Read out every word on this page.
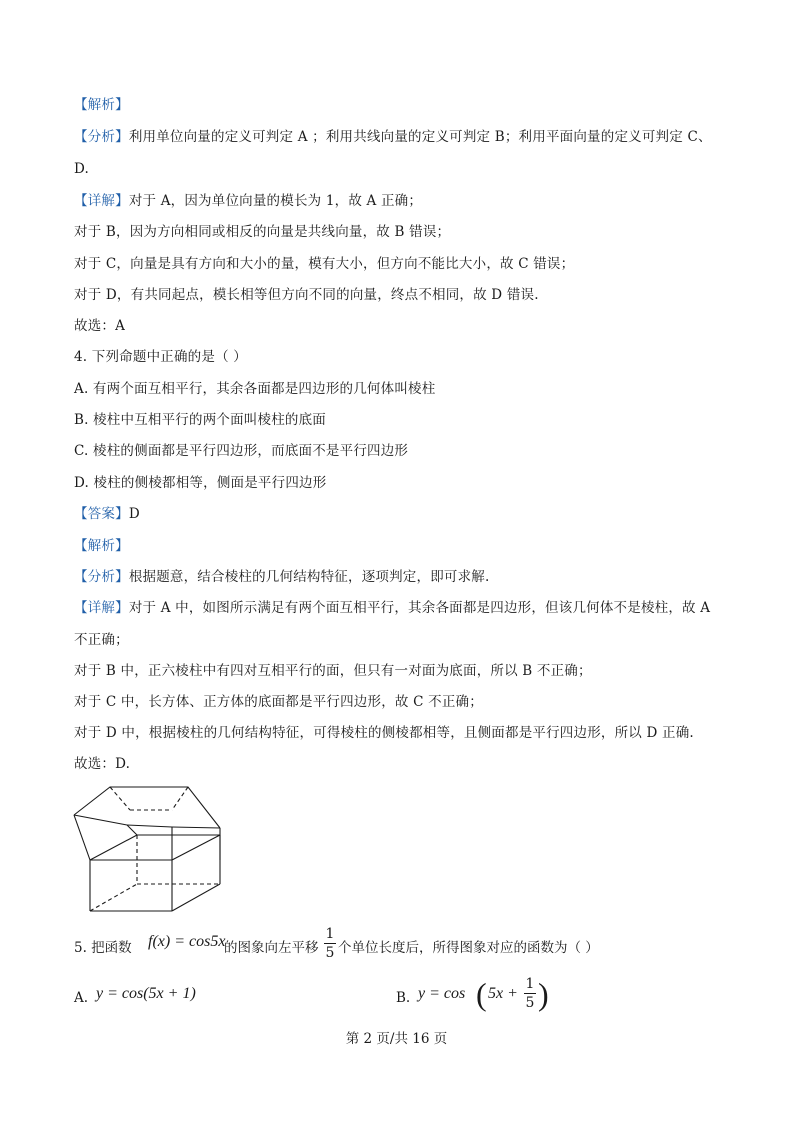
【解析】
【分析】利用单位向量的定义可判定 A ；利用共线向量的定义可判定 B；利用平面向量的定义可判定 C、
D.
【详解】对于 A，因为单位向量的模长为 1，故 A 正确；
对于 B，因为方向相同或相反的向量是共线向量，故 B 错误；
对于 C，向量是具有方向和大小的量，模有大小，但方向不能比大小，故 C 错误；
对于 D，有共同起点，模长相等但方向不同的向量，终点不相同，故 D 错误.
故选：A
4. 下列命题中正确的是（ ）
A. 有两个面互相平行，其余各面都是四边形的几何体叫棱柱
B. 棱柱中互相平行的两个面叫棱柱的底面
C. 棱柱的侧面都是平行四边形，而底面不是平行四边形
D. 棱柱的侧棱都相等，侧面是平行四边形
【答案】D
【解析】
【分析】根据题意，结合棱柱的几何结构特征，逐项判定，即可求解.
【详解】对于 A 中，如图所示满足有两个面互相平行，其余各面都是四边形，但该几何体不是棱柱，故 A
不正确；
对于 B 中，正六棱柱中有四对互相平行的面，但只有一对面为底面，所以 B 不正确；
对于 C 中，长方体、正方体的底面都是平行四边形，故 C 不正确；
对于 D 中，根据棱柱的几何结构特征，可得棱柱的侧棱都相等，且侧面都是平行四边形，所以 D 正确.
故选：D.
5. 把函数 f(x) = cos5x
的图象向左平移
1
5 个单位长度后，所得图象对应的函数为（ ）
A. y = cos(5x + 1)	B. y = cos ( 5x +
1
5 )
第 2 页/共 16 页
